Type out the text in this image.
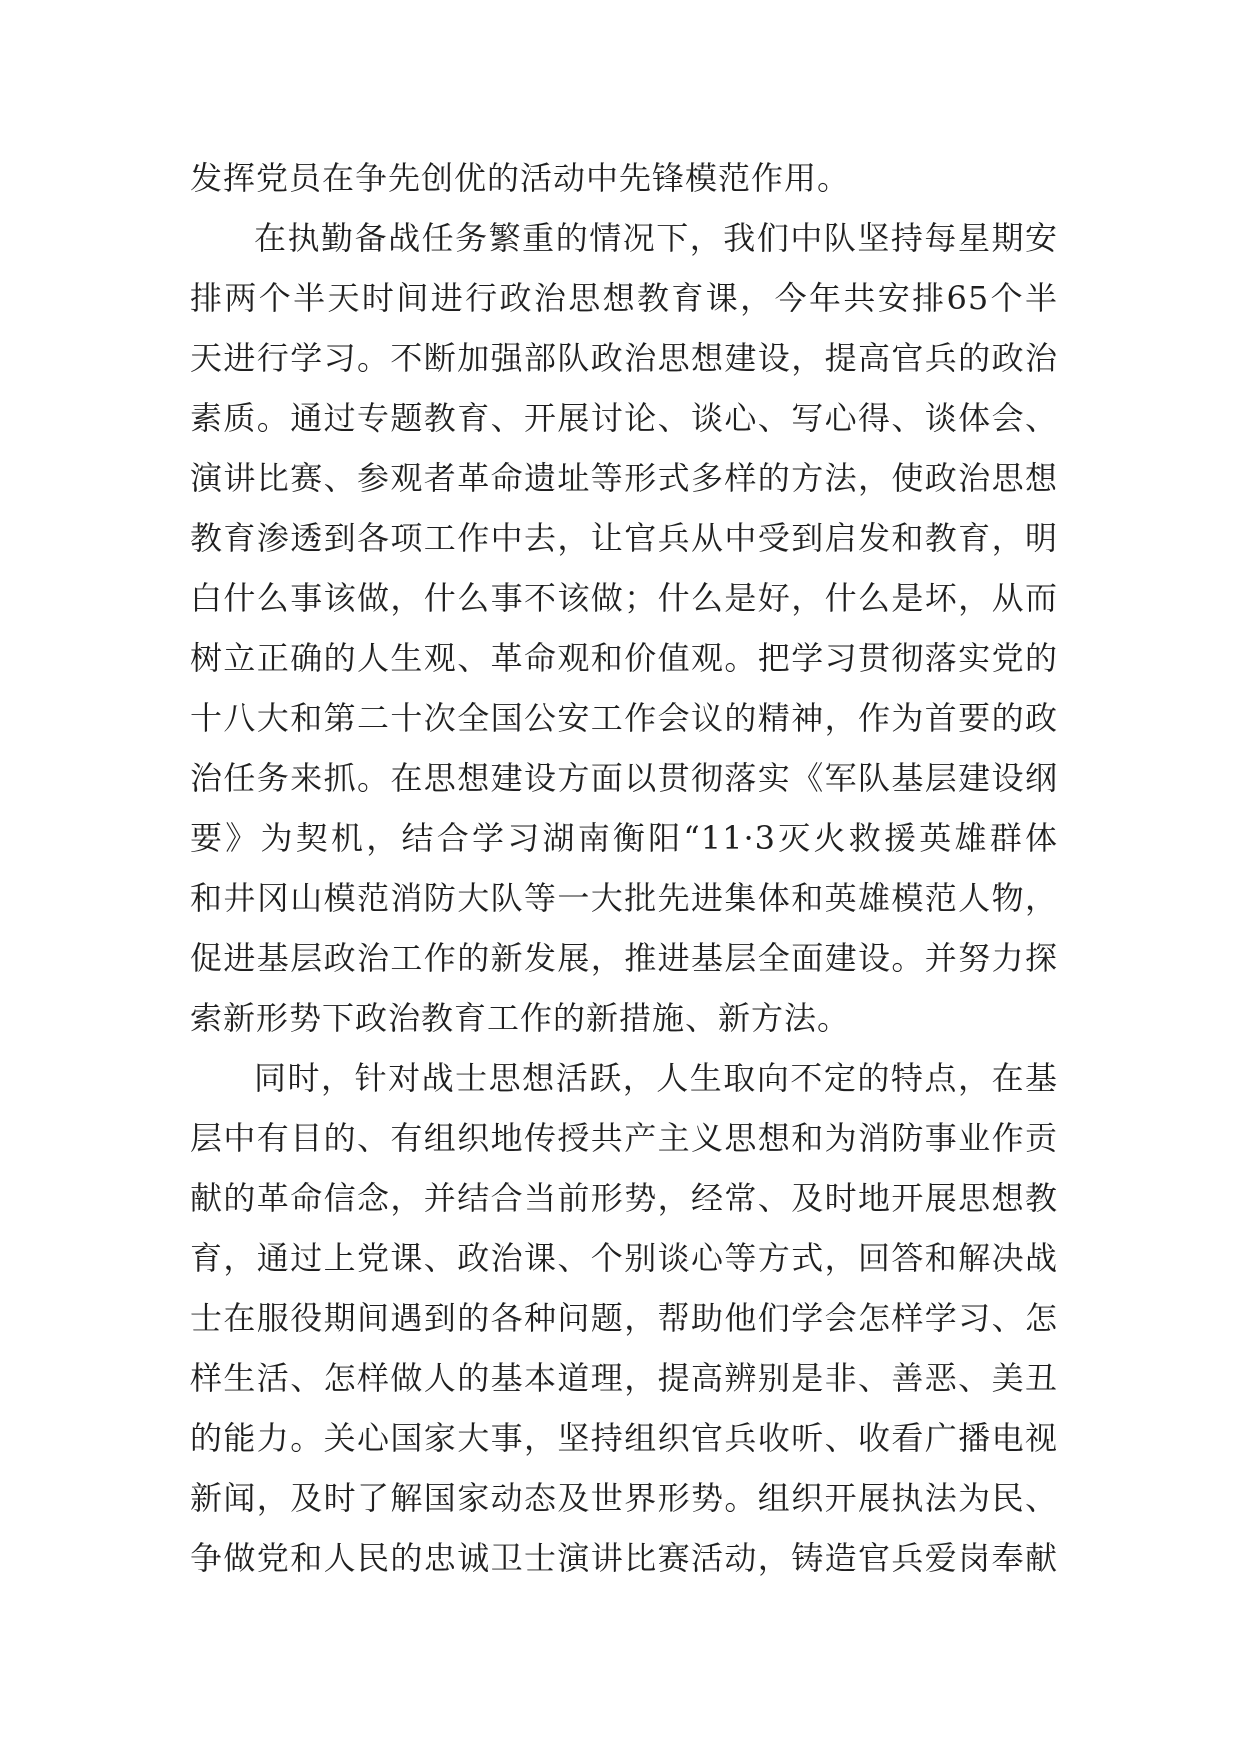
发挥党员在争先创优的活动中先锋模范作用。
在执勤备战任务繁重的情况下，我们中队坚持每星期安
排两个半天时间进行政治思想教育课，今年共安排65个半
天进行学习。不断加强部队政治思想建设，提高官兵的政治
素质。通过专题教育、开展讨论、谈心、写心得、谈体会、
演讲比赛、参观者革命遗址等形式多样的方法，使政治思想
教育渗透到各项工作中去，让官兵从中受到启发和教育，明
白什么事该做，什么事不该做；什么是好，什么是坏，从而
树立正确的人生观、革命观和价值观。把学习贯彻落实党的
十八大和第二十次全国公安工作会议的精神，作为首要的政
治任务来抓。在思想建设方面以贯彻落实《军队基层建设纲
要》为契机，结合学习湖南衡阳“11·3灭火救援英雄群体
和井冈山模范消防大队等一大批先进集体和英雄模范人物，
促进基层政治工作的新发展，推进基层全面建设。并努力探
索新形势下政治教育工作的新措施、新方法。
同时，针对战士思想活跃，人生取向不定的特点，在基
层中有目的、有组织地传授共产主义思想和为消防事业作贡
献的革命信念，并结合当前形势，经常、及时地开展思想教
育，通过上党课、政治课、个别谈心等方式，回答和解决战
士在服役期间遇到的各种问题，帮助他们学会怎样学习、怎
样生活、怎样做人的基本道理，提高辨别是非、善恶、美丑
的能力。关心国家大事，坚持组织官兵收听、收看广播电视
新闻，及时了解国家动态及世界形势。组织开展执法为民、
争做党和人民的忠诚卫士演讲比赛活动，铸造官兵爱岗奉献
